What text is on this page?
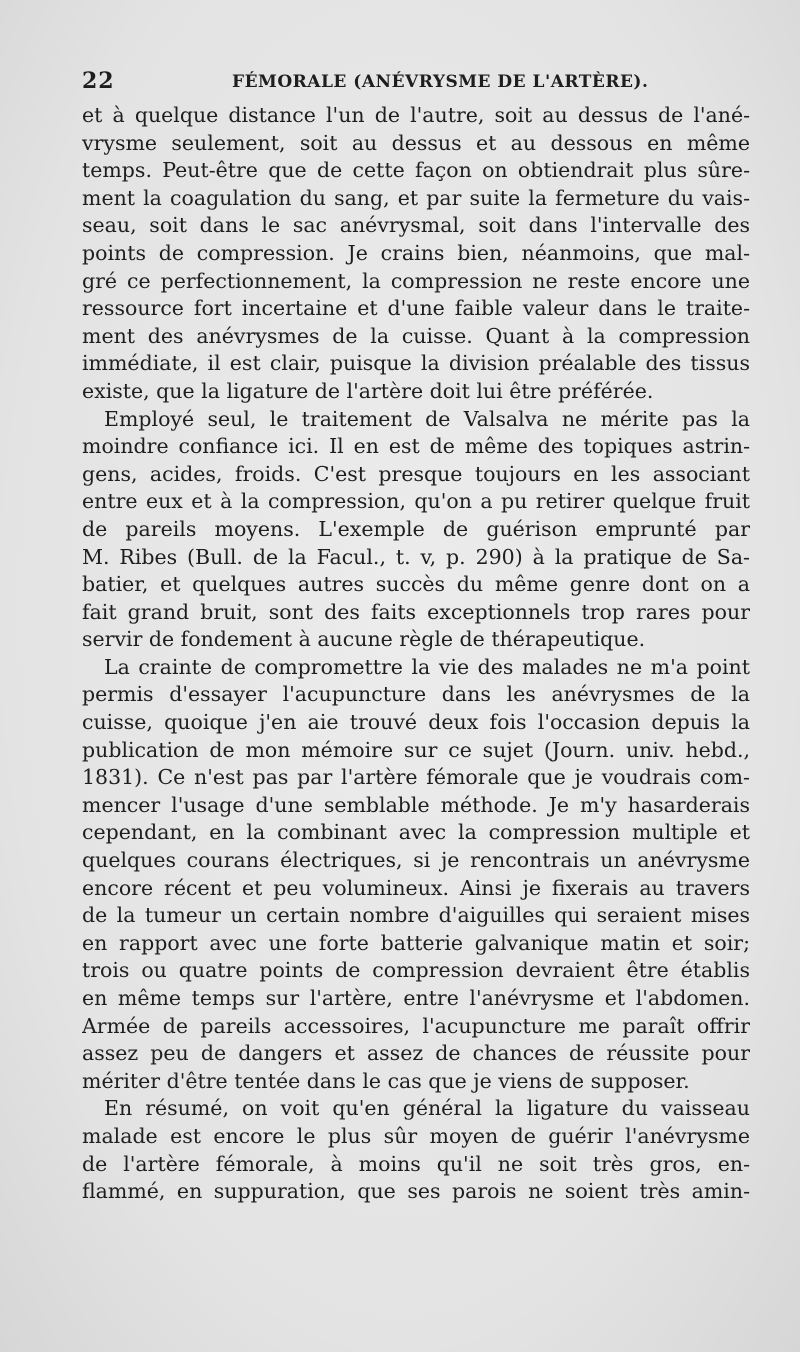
22	FÉMORALE (ANÉVRYSME DE L'ARTÈRE).
et à quelque distance l'un de l'autre, soit au dessus de l'ané-
vrysme seulement, soit au dessus et au dessous en même
temps. Peut-être que de cette façon on obtiendrait plus sûre-
ment la coagulation du sang, et par suite la fermeture du vais-
seau, soit dans le sac anévrysmal, soit dans l'intervalle des
points de compression. Je crains bien, néanmoins, que mal-
gré ce perfectionnement, la compression ne reste encore une
ressource fort incertaine et d'une faible valeur dans le traite-
ment des anévrysmes de la cuisse. Quant à la compression
immédiate, il est clair, puisque la division préalable des tissus
existe, que la ligature de l'artère doit lui être préférée.
Employé seul, le traitement de Valsalva ne mérite pas la
moindre confiance ici. Il en est de même des topiques astrin-
gens, acides, froids. C'est presque toujours en les associant
entre eux et à la compression, qu'on a pu retirer quelque fruit
de pareils moyens. L'exemple de guérison emprunté par
M. Ribes (Bull. de la Facul., t. v, p. 290) à la pratique de Sa-
batier, et quelques autres succès du même genre dont on a
fait grand bruit, sont des faits exceptionnels trop rares pour
servir de fondement à aucune règle de thérapeutique.
La crainte de compromettre la vie des malades ne m'a point
permis d'essayer l'acupuncture dans les anévrysmes de la
cuisse, quoique j'en aie trouvé deux fois l'occasion depuis la
publication de mon mémoire sur ce sujet (Journ. univ. hebd.,
1831). Ce n'est pas par l'artère fémorale que je voudrais com-
mencer l'usage d'une semblable méthode. Je m'y hasarderais
cependant, en la combinant avec la compression multiple et
quelques courans électriques, si je rencontrais un anévrysme
encore récent et peu volumineux. Ainsi je fixerais au travers
de la tumeur un certain nombre d'aiguilles qui seraient mises
en rapport avec une forte batterie galvanique matin et soir;
trois ou quatre points de compression devraient être établis
en même temps sur l'artère, entre l'anévrysme et l'abdomen.
Armée de pareils accessoires, l'acupuncture me paraît offrir
assez peu de dangers et assez de chances de réussite pour
mériter d'être tentée dans le cas que je viens de supposer.
En résumé, on voit qu'en général la ligature du vaisseau
malade est encore le plus sûr moyen de guérir l'anévrysme
de l'artère fémorale, à moins qu'il ne soit très gros, en-
flammé, en suppuration, que ses parois ne soient très amin-
